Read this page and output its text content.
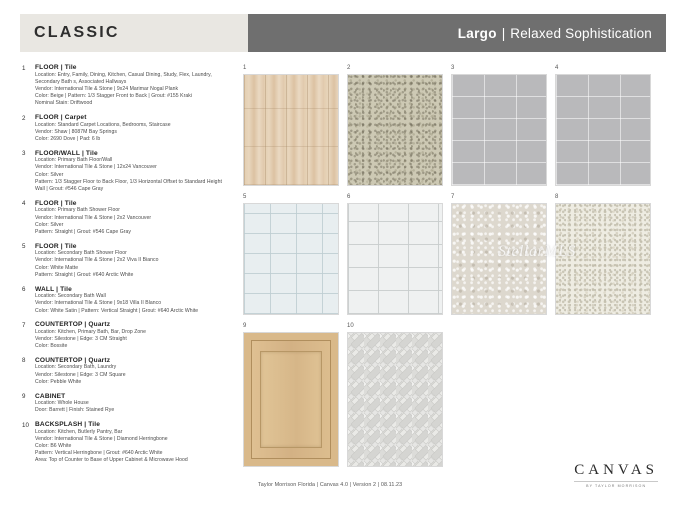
CLASSIC	Largo | Relaxed Sophistication
1	FLOOR | Tile
Location: Entry, Family, Dining, Kitchen, Casual Dining, Study, Flex, Laundry, Secondary Bath s, Associated Hallways
Vendor: International Tile & Stone | 9x24 Marimar Nogal Plank
Color: Beige | Pattern: 1/3 Stagger Front to Back | Grout: #155 Kraki
Nominal Stain: Driftwood
2	FLOOR | Carpet
Location: Standard Carpet Locations, Bedrooms, Staircase
Vendor: Shaw | 8087M Bay Springs
Color: 2690 Dove | Pad: 6 lb
3	FLOOR/WALL | Tile
Location: Primary Bath Floor/Wall
Vendor: International Tile & Stone | 12x24 Vancouver
Color: Silver
Pattern: 1/3 Stagger Floor to Back Floor, 1/3 Horizontal Offset to Standard Height Wall | Grout: #546 Cape Gray
4	FLOOR | Tile
Location: Primary Bath Shower Floor
Vendor: International Tile & Stone | 2x2 Vancouver
Color: Silver
Pattern: Straight | Grout: #546 Cape Gray
5	FLOOR | Tile
Location: Secondary Bath Shower Floor
Vendor: International Tile & Stone | 2x2 Viva II Bianco
Color: White Matte
Pattern: Straight | Grout: #640 Arctic White
6	WALL | Tile
Location: Secondary Bath Wall
Vendor: International Tile & Stone | 9x18 Villa II Blanco
Color: White Satin | Pattern: Vertical Straight | Grout: #640 Arctic White
7	COUNTERTOP | Quartz
Location: Kitchen, Primary Bath, Bar, Drop Zone
Vendor: Silestone | Edge: 3 CM Straight
Color: Bossite
8	COUNTERTOP | Quartz
Location: Secondary Bath, Laundry
Vendor: Silestone | Edge: 3 CM Square
Color: Pebble White
9	CABINET
Location: Whole House
Door: Barrett | Finish: Stained Rye
10 BACKSPLASH | Tile
Location: Kitchen, Butlerly Pantry, Bar
Vendor: International Tile & Stone | Diamond Herringbone
Color: B6 White
Pattern: Vertical Herringbone | Grout: #640 Arctic White
Area: Top of Counter to Base of Upper Cabinet & Microwave Hood
1	2	3	4
5	6	7	8
9	10
StellarMLS
Taylor Morrison Florida | Canvas 4.0 | Version 2 | 08.11.23
CANVAS
BY TAYLOR MORRISON
